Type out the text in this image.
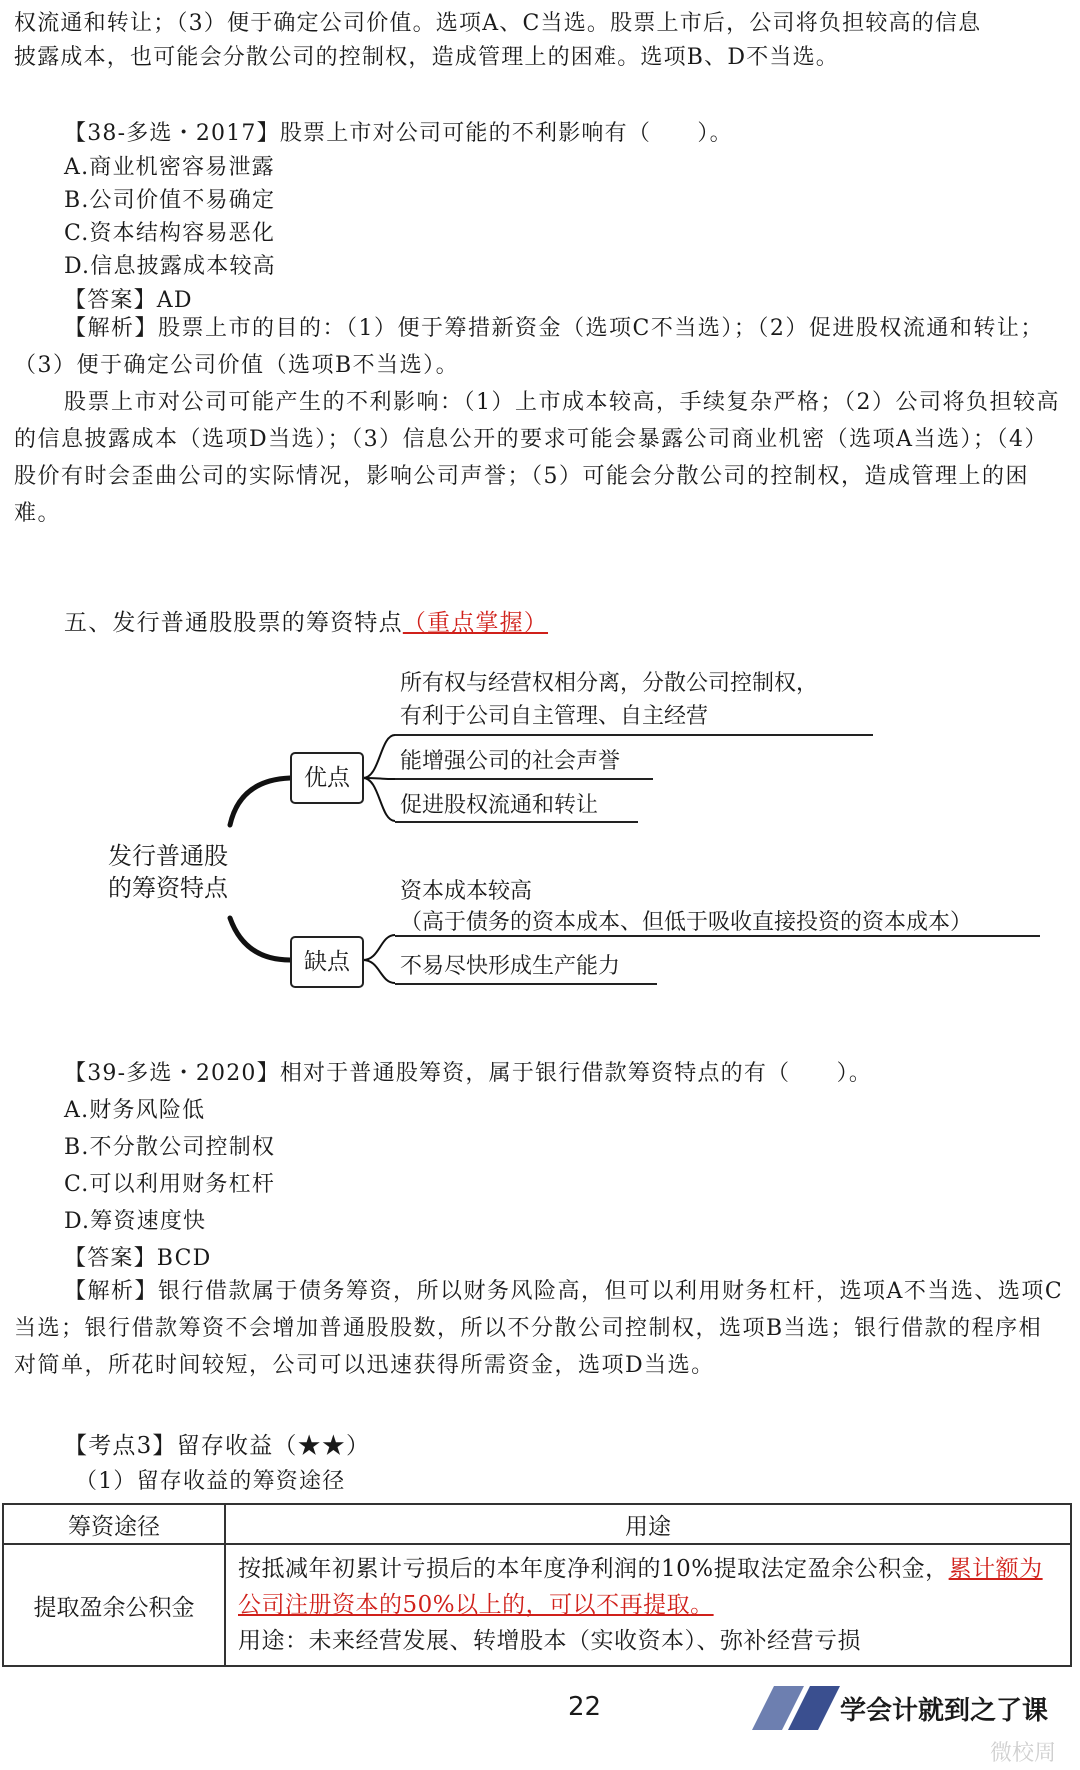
权流通和转让；（3）便于确定公司价值。选项A、C当选。股票上市后，公司将负担较高的信息
披露成本，也可能会分散公司的控制权，造成管理上的困难。选项B、D不当选。
【38-多选・2017】股票上市对公司可能的不利影响有（　　）。
A.商业机密容易泄露
B.公司价值不易确定
C.资本结构容易恶化
D.信息披露成本较高
【答案】AD
【解析】股票上市的目的：（1）便于筹措新资金（选项C不当选）；（2）促进股权流通和转让；（3）便于确定公司价值（选项B不当选）。
股票上市对公司可能产生的不利影响：（1）上市成本较高，手续复杂严格；（2）公司将负担较高的信息披露成本（选项D当选）；（3）信息公开的要求可能会暴露公司商业机密（选项A当选）；（4）股价有时会歪曲公司的实际情况，影响公司声誉；（5）可能会分散公司的控制权，造成管理上的困难。
五、发行普通股股票的筹资特点（重点掌握）
发行普通股
的筹资特点
优点
缺点
所有权与经营权相分离，分散公司控制权，
有利于公司自主管理、自主经营
能增强公司的社会声誉
促进股权流通和转让
资本成本较高
（高于债务的资本成本、但低于吸收直接投资的资本成本）
不易尽快形成生产能力
【39-多选・2020】相对于普通股筹资，属于银行借款筹资特点的有（　　）。
A.财务风险低
B.不分散公司控制权
C.可以利用财务杠杆
D.筹资速度快
【答案】BCD
【解析】银行借款属于债务筹资，所以财务风险高，但可以利用财务杠杆，选项A不当选、选项C当选；银行借款筹资不会增加普通股股数，所以不分散公司控制权，选项B当选；银行借款的程序相对简单，所花时间较短，公司可以迅速获得所需资金，选项D当选。
【考点3】留存收益（★★）
（1）留存收益的筹资途径
筹资途径	用途
提取盈余公积金	按抵减年初累计亏损后的本年度净利润的10%提取法定盈余公积金，累计额为公司注册资本的50%以上的，可以不再提取。
用途：未来经营发展、转增股本（实收资本）、弥补经营亏损
22	学会计就到之了课
微校周
